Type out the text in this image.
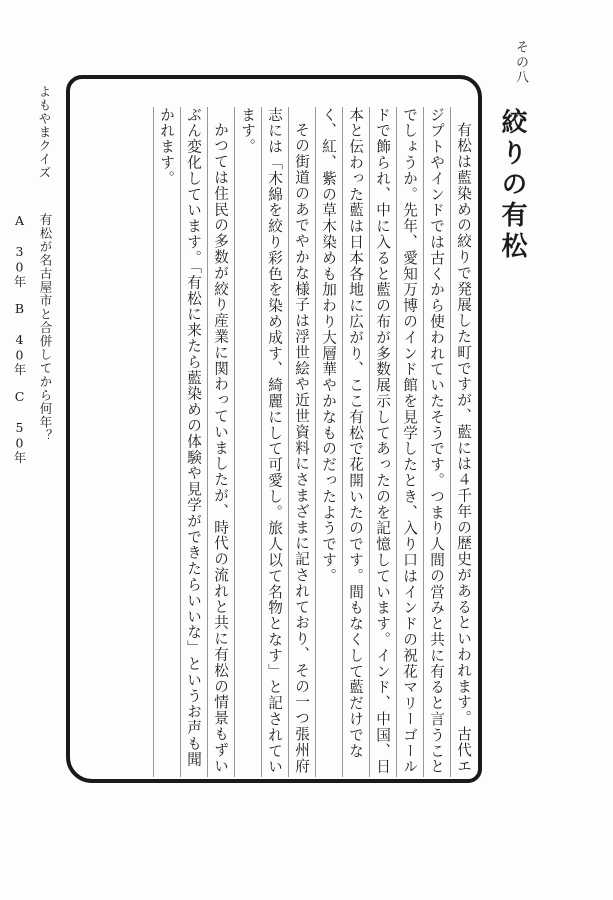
その八
絞りの有松

有松は藍染めの絞りで発展した町ですが、藍には４千年の歴史があるといわれます。古代エジプトやインドでは古くから使われていたそうです。つまり人間の営みと共に有ると言うことでしょうか。先年、愛知万博のインド館を見学したとき、入り口はインドの祝花マリーゴールドで飾られ、中に入ると藍の布が多数展示してあったのを記憶しています。インド、中国、日本と伝わった藍は日本各地に広がり、ここ有松で花開いたのです。間もなくして藍だけでなく、紅、紫の草木染めも加わり大層華やかなものだったようです。

その街道のあでやかな様子は浮世絵や近世資料にさまざまに記されており、その一つ張州府志には「木綿を絞り彩色を染め成す、綺麗にして可愛し。旅人以て名物となす」と記されています。

かつては住民の多数が絞り産業に関わっていましたが、時代の流れと共に有松の情景もずいぶん変化しています。「有松に来たら藍染めの体験や見学ができたらいいな」というお声も聞かれます。

よもやまクイズ
有松が名古屋市と合併してから何年？
A 30年　B 40年　C 50年
